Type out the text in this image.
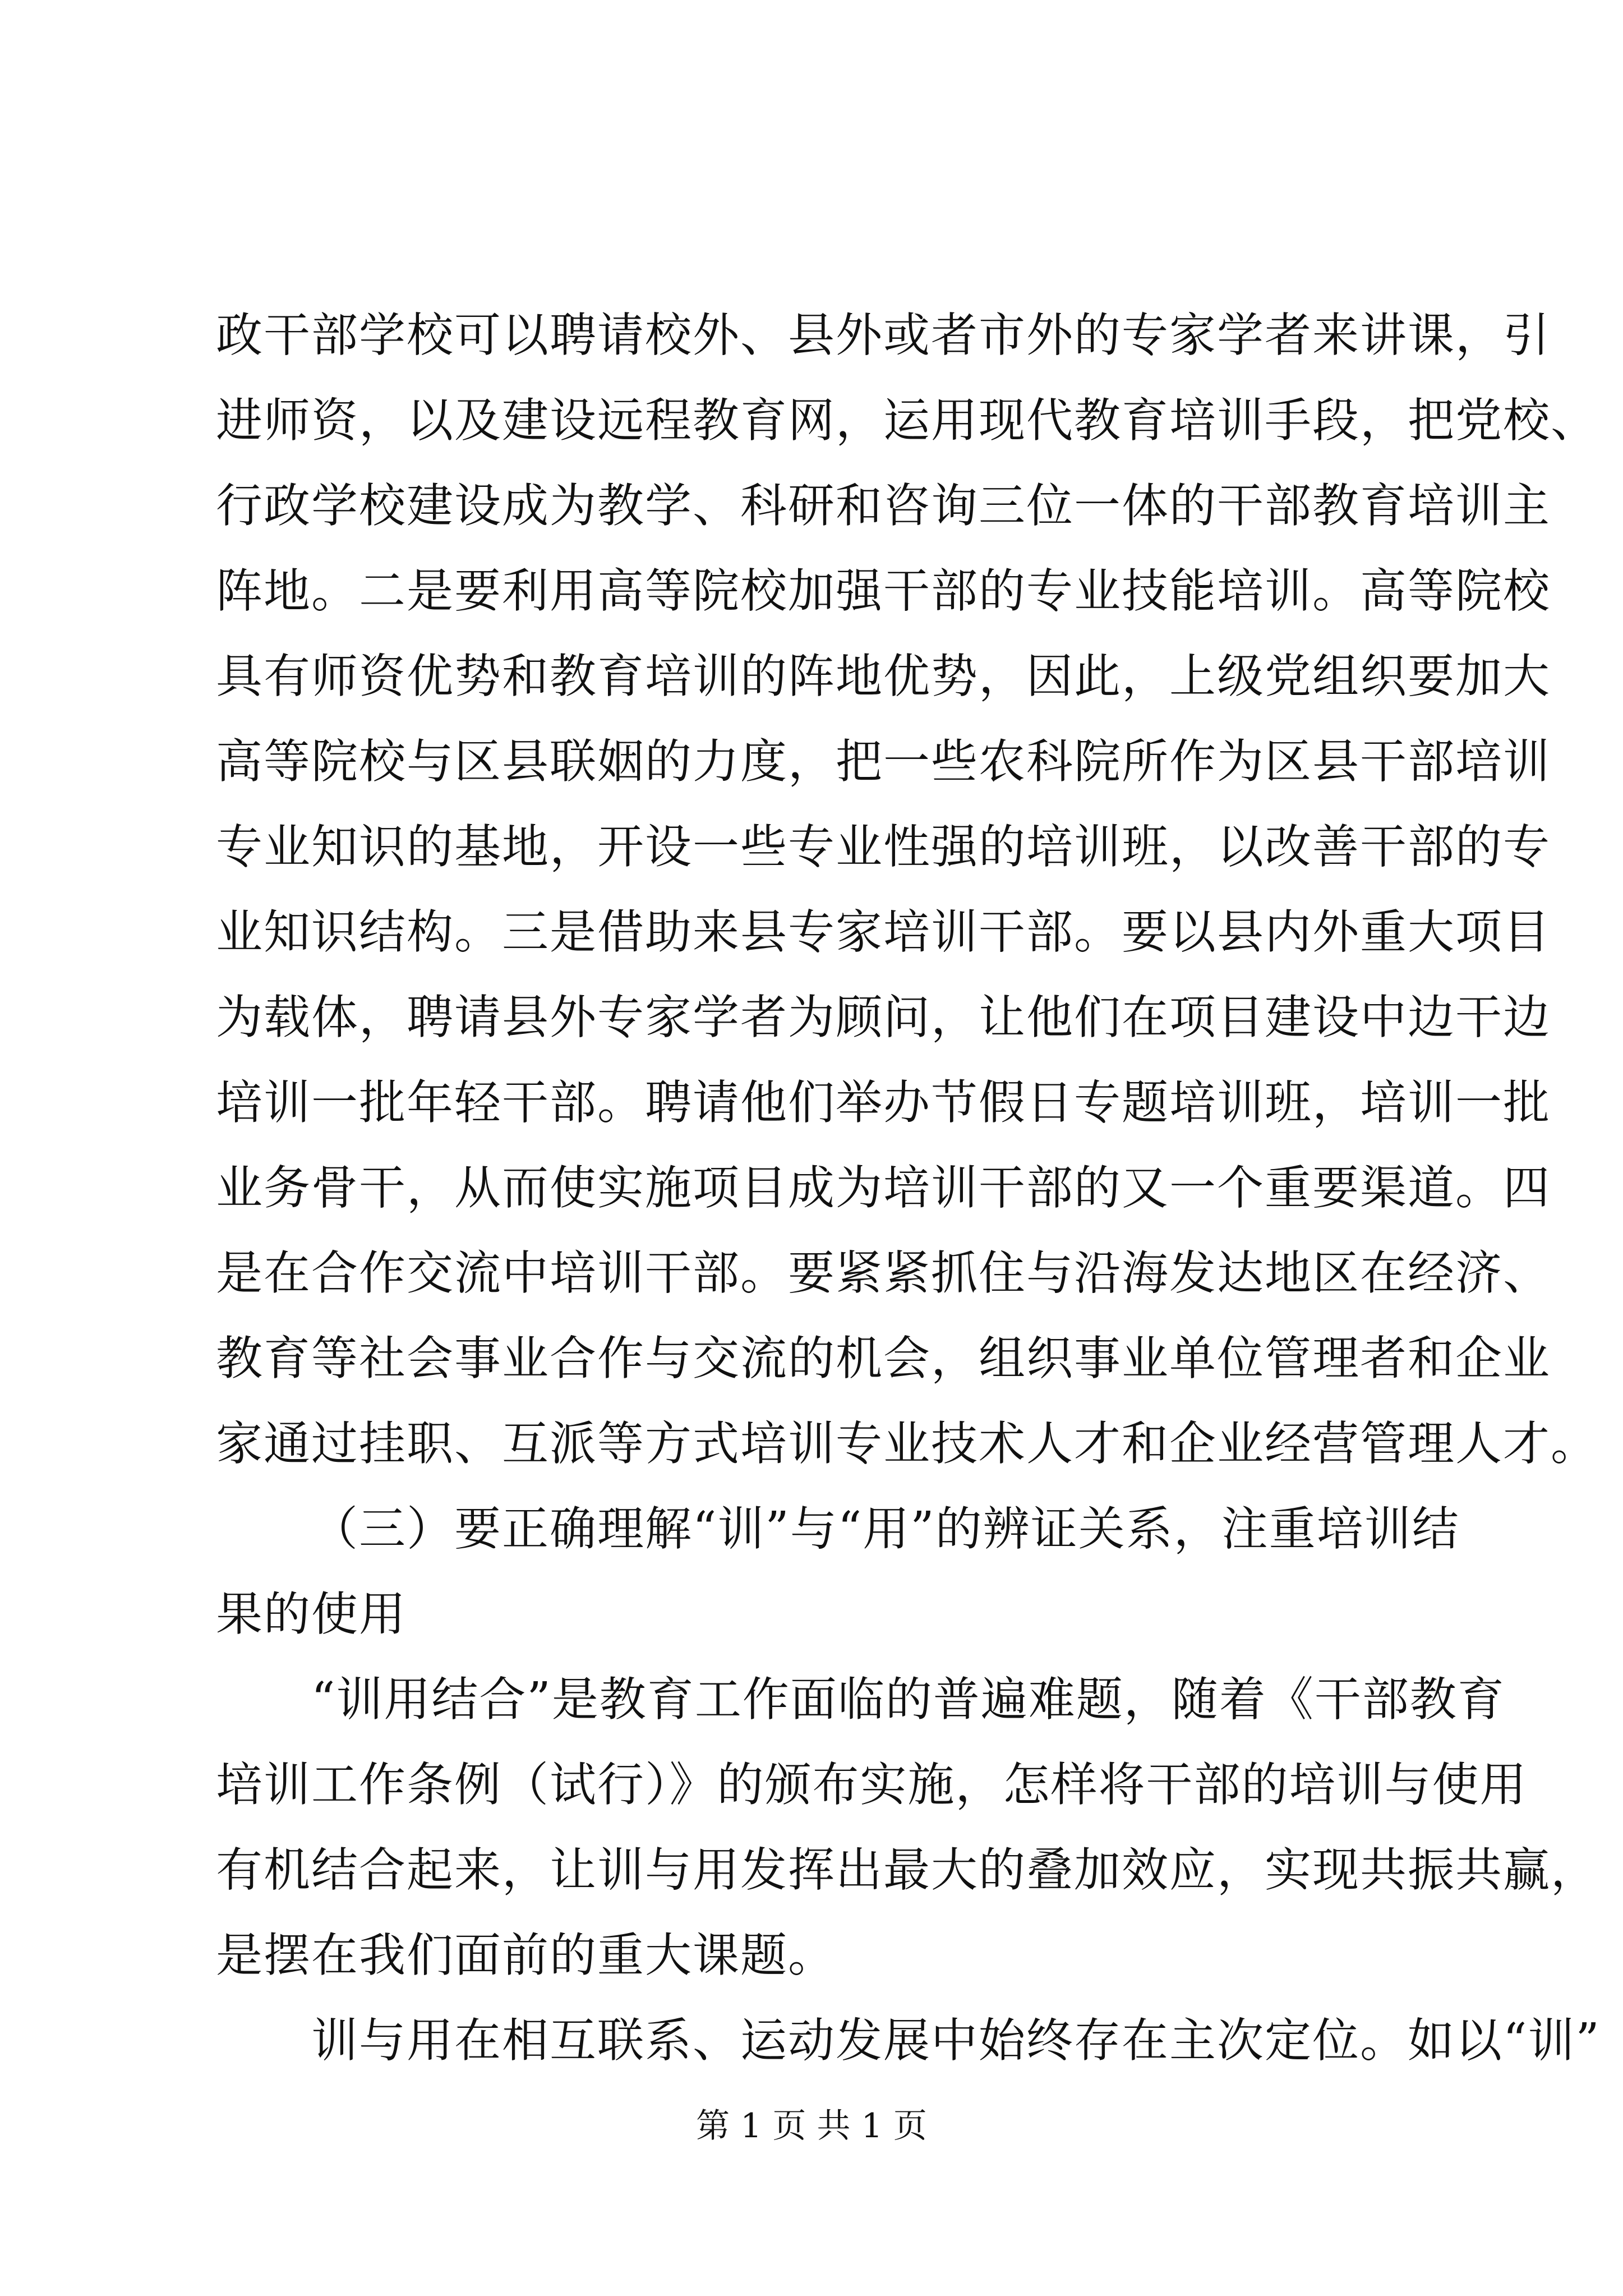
政干部学校可以聘请校外、县外或者市外的专家学者来讲课，引
进师资，以及建设远程教育网，运用现代教育培训手段，把党校、
行政学校建设成为教学、科研和咨询三位一体的干部教育培训主
阵地。二是要利用高等院校加强干部的专业技能培训。高等院校
具有师资优势和教育培训的阵地优势，因此，上级党组织要加大
高等院校与区县联姻的力度，把一些农科院所作为区县干部培训
专业知识的基地，开设一些专业性强的培训班，以改善干部的专
业知识结构。三是借助来县专家培训干部。要以县内外重大项目
为载体，聘请县外专家学者为顾问，让他们在项目建设中边干边
培训一批年轻干部。聘请他们举办节假日专题培训班，培训一批
业务骨干，从而使实施项目成为培训干部的又一个重要渠道。四
是在合作交流中培训干部。要紧紧抓住与沿海发达地区在经济、
教育等社会事业合作与交流的机会，组织事业单位管理者和企业
家通过挂职、互派等方式培训专业技术人才和企业经营管理人才。
（三）要正确理解“训”与“用”的辨证关系，注重培训结
果的使用
“训用结合”是教育工作面临的普遍难题，随着《干部教育
培训工作条例（试行）》的颁布实施，怎样将干部的培训与使用
有机结合起来，让训与用发挥出最大的叠加效应，实现共振共赢，
是摆在我们面前的重大课题。
训与用在相互联系、运动发展中始终存在主次定位。如以“训”
第 1 页 共 1 页
